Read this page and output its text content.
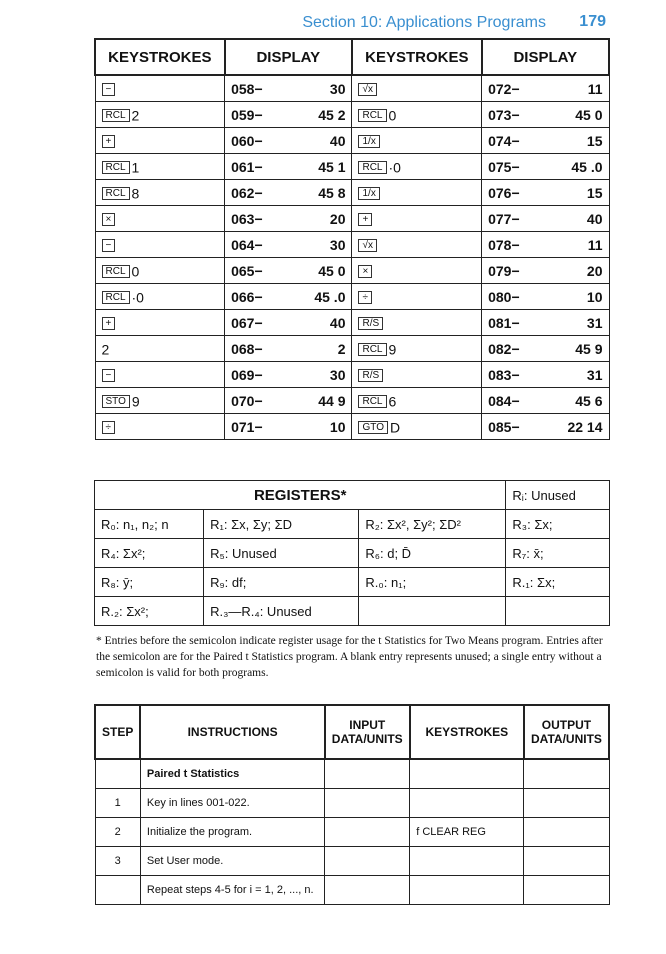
Section 10: Applications Programs 179
KEYSTROKES	DISPLAY		KEYSTROKES	DISPLAY	
−	058−	30	√x	072−	11
RCL 2	059−	45 2	RCL 0	073−	45 0
+	060−	40	1/x	074−	15
RCL 1	061−	45 1	RCL ·0	075−	45 .0
RCL 8	062−	45 8	1/x	076−	15
×	063−	20	+	077−	40
−	064−	30	√x	078−	11
RCL 0	065−	45 0	×	079−	20
RCL ·0	066−	45 .0	÷	080−	10
+	067−	40	R/S	081−	31
2	068−	2	RCL 9	082−	45 9
−	069−	30	R/S	083−	31
STO 9	070−	44 9	RCL 6	084−	45 6
÷	071−	10	GTO D	085−	22 14
REGISTERS*			Rᵢ: Unused
R₀: n₁, n₂; n	R₁: Σx, Σy; ΣD	R₂: Σx², Σy²; ΣD²	R₃: Σx;
R₄: Σx²;	R₅: Unused	R₆: d; D̄	R₇: x̄;
R₈: ȳ;	R₉: df;	R.₀: n₁;	R.₁: Σx;
R.₂: Σx²;	R.₃—R.₄: Unused		
* Entries before the semicolon indicate register usage for the t Statistics for Two Means program. Entries after the semicolon are for the Paired t Statistics program. A blank entry represents unused; a single entry without a semicolon is valid for both programs.
STEP	INSTRUCTIONS	INPUT DATA/UNITS	KEYSTROKES	OUTPUT DATA/UNITS
	Paired t Statistics			
1	Key in lines 001-022.			
2	Initialize the program.		f CLEAR REG	
3	Set User mode.			
	Repeat steps 4-5 for i = 1, 2, ..., n.			
